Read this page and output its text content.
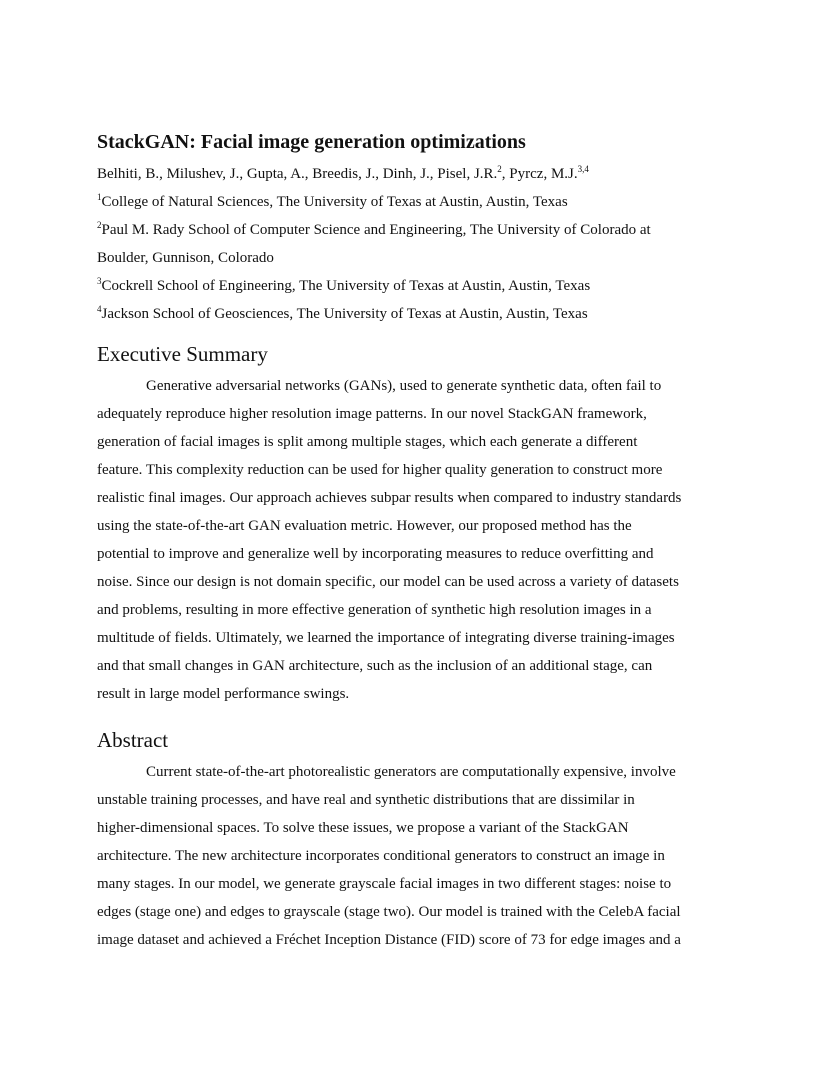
StackGAN: Facial image generation optimizations

Belhiti, B., Milushev, J., Gupta, A., Breedis, J., Dinh, J., Pisel, J.R.$^2$, Pyrcz, M.J.$^{3,4}$

$^1$College of Natural Sciences, The University of Texas at Austin, Austin, Texas

$^2$Paul M. Rady School of Computer Science and Engineering, The University of Colorado at

Boulder, Gunnison, Colorado

$^3$Cockrell School of Engineering, The University of Texas at Austin, Austin, Texas

$^4$Jackson School of Geosciences, The University of Texas at Austin, Austin, Texas

Executive Summary
Generative adversarial networks (GANs), used to generate synthetic data, often fail to
adequately reproduce higher resolution image patterns. In our novel StackGAN framework,
generation of facial images is split among multiple stages, which each generate a different
feature. This complexity reduction can be used for higher quality generation to construct more
realistic final images. Our approach achieves subpar results when compared to industry standards
using the state-of-the-art GAN evaluation metric. However, our proposed method has the
potential to improve and generalize well by incorporating measures to reduce overfitting and
noise. Since our design is not domain specific, our model can be used across a variety of datasets
and problems, resulting in more effective generation of synthetic high resolution images in a
multitude of fields. Ultimately, we learned the importance of integrating diverse training-images
and that small changes in GAN architecture, such as the inclusion of an additional stage, can
result in large model performance swings.
Abstract
Current state-of-the-art photorealistic generators are computationally expensive, involve
unstable training processes, and have real and synthetic distributions that are dissimilar in
higher-dimensional spaces. To solve these issues, we propose a variant of the StackGAN
architecture. The new architecture incorporates conditional generators to construct an image in
many stages. In our model, we generate grayscale facial images in two different stages: noise to
edges (stage one) and edges to grayscale (stage two). Our model is trained with the CelebA facial
image dataset and achieved a Fréchet Inception Distance (FID) score of 73 for edge images and a
